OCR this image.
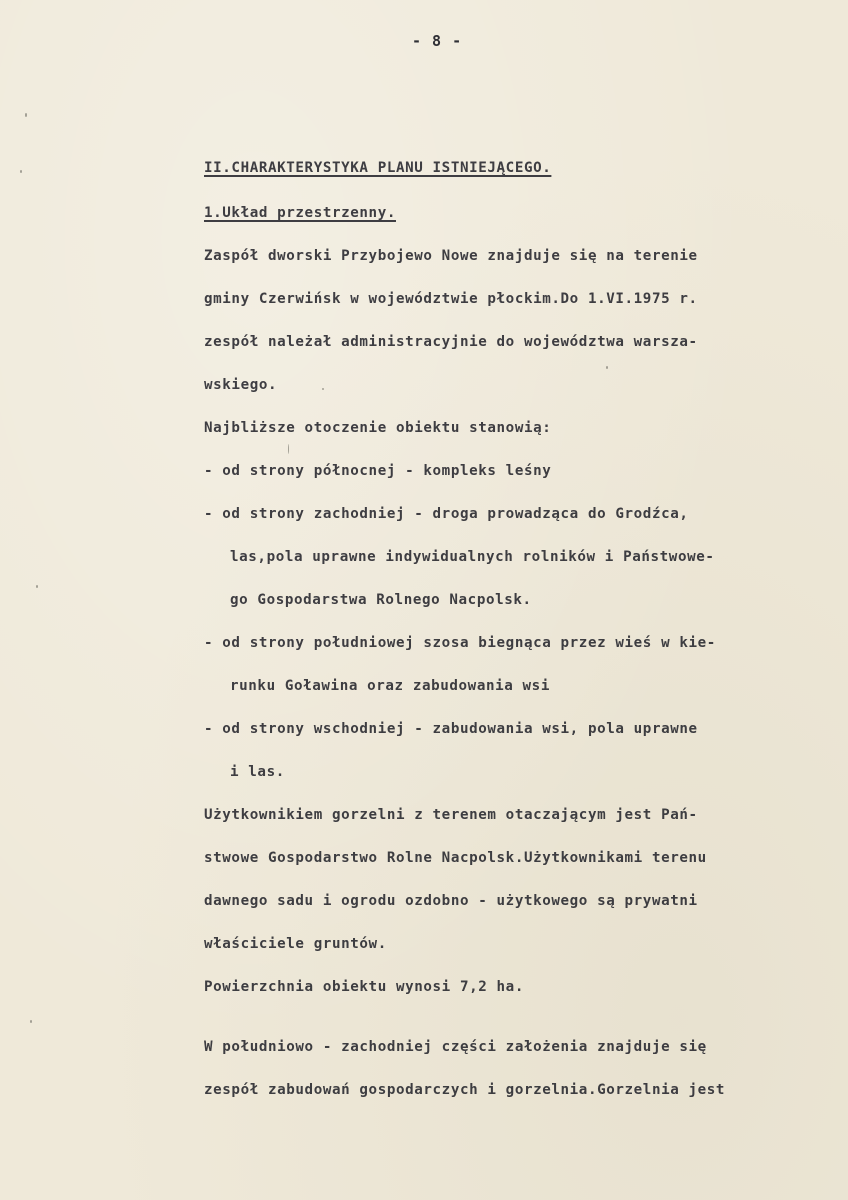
- 8 -
II.CHARAKTERYSTYKA PLANU ISTNIEJĄCEGO.
1.Układ przestrzenny.
Zaspół dworski Przybojewo Nowe znajduje się na terenie
gminy Czerwińsk w województwie płockim.Do 1.VI.1975 r.
zespół należał administracyjnie do województwa warsza-
wskiego.
Najbliższe otoczenie obiektu stanowią:
- od strony północnej - kompleks leśny
- od strony zachodniej - droga prowadząca do Grodźca,
las,pola uprawne indywidualnych rolników i Państwowe-
go Gospodarstwa Rolnego Nacpolsk.
- od strony południowej szosa biegnąca przez wieś w kie-
runku Goławina oraz zabudowania wsi
- od strony wschodniej - zabudowania wsi, pola uprawne
i las.
Użytkownikiem gorzelni z terenem otaczającym jest Pań-
stwowe Gospodarstwo Rolne Nacpolsk.Użytkownikami terenu
dawnego sadu i ogrodu ozdobno - użytkowego są prywatni
właściciele gruntów.
Powierzchnia obiektu wynosi 7,2 ha.
W południowo - zachodniej części założenia znajduje się
zespół zabudowań gospodarczych i gorzelnia.Gorzelnia jest
